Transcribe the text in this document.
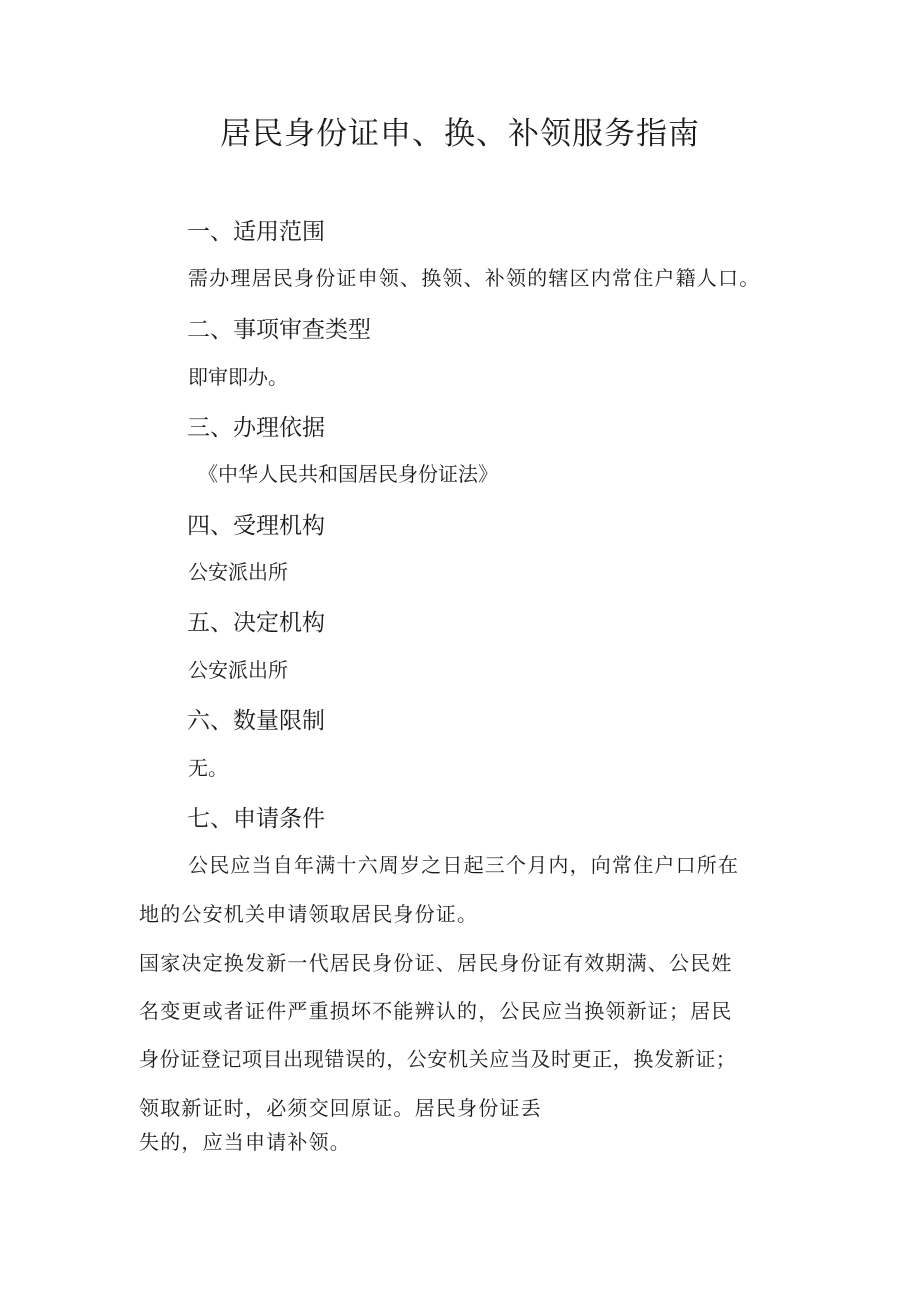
居民身份证申、换、补领服务指南
一、适用范围
需办理居民身份证申领、换领、补领的辖区内常住户籍人口。
二、事项审查类型
即审即办。
三、办理依据
《中华人民共和国居民身份证法》
四、受理机构
公安派出所
五、决定机构
公安派出所
六、数量限制
无。
七、申请条件
公民应当自年满十六周岁之日起三个月内，向常住户口所在
地的公安机关申请领取居民身份证。
国家决定换发新一代居民身份证、居民身份证有效期满、公民姓
名变更或者证件严重损坏不能辨认的，公民应当换领新证；居民
身份证登记项目出现错误的，公安机关应当及时更正，换发新证；
领取新证时，必须交回原证。居民身份证丢
失的，应当申请补领。
